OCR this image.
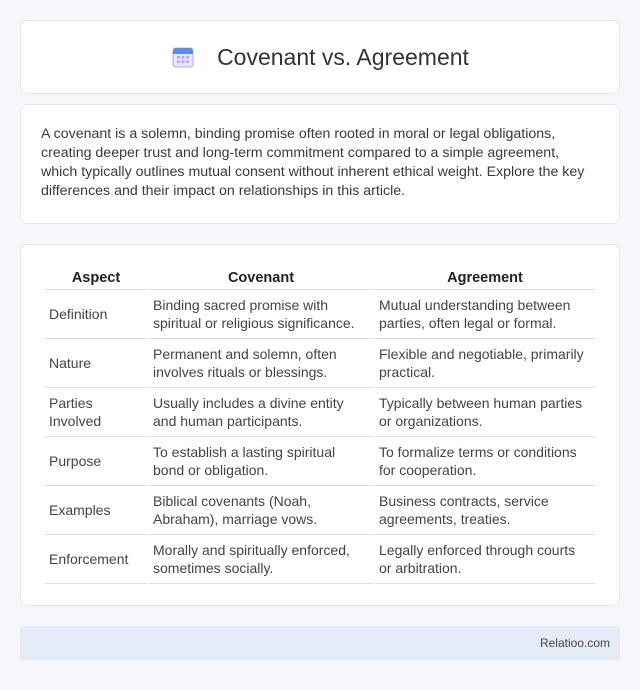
Covenant vs. Agreement

A covenant is a solemn, binding promise often rooted in moral or legal obligations, creating deeper trust and long-term commitment compared to a simple agreement, which typically outlines mutual consent without inherent ethical weight. Explore the key differences and their impact on relationships in this article.

Aspect	Covenant	Agreement
Definition	Binding sacred promise with spiritual or religious significance.	Mutual understanding between parties, often legal or formal.
Nature	Permanent and solemn, often involves rituals or blessings.	Flexible and negotiable, primarily practical.
Parties Involved	Usually includes a divine entity and human participants.	Typically between human parties or organizations.
Purpose	To establish a lasting spiritual bond or obligation.	To formalize terms or conditions for cooperation.
Examples	Biblical covenants (Noah, Abraham), marriage vows.	Business contracts, service agreements, treaties.
Enforcement	Morally and spiritually enforced, sometimes socially.	Legally enforced through courts or arbitration.
Relatioo.com
